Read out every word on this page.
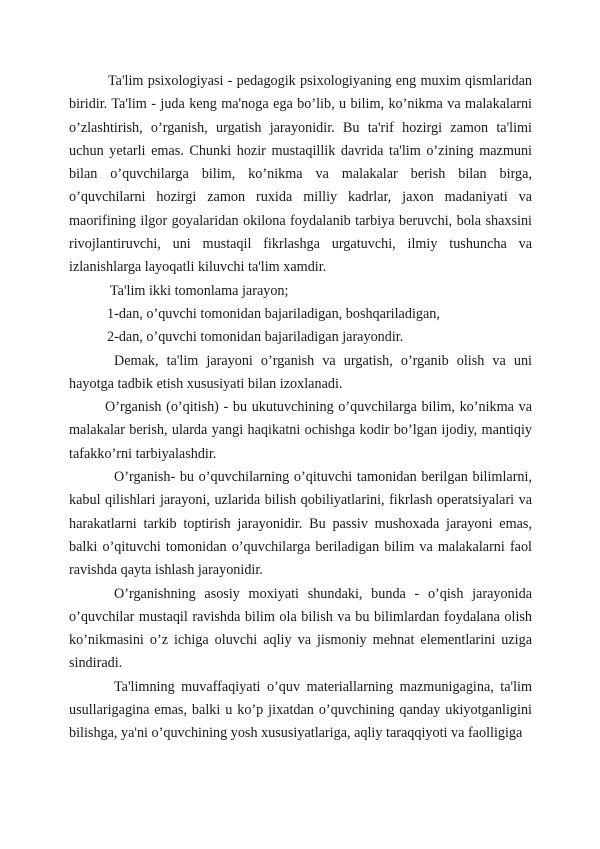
Ta'lim psixologiyasi - pedagogik psixologiyaning eng muxim qismlaridan biridir. Ta'lim - juda keng ma'noga ega bo’lib, u bilim, ko’nikma va malakalarni o’zlashtirish, o’rganish, urgatish jarayonidir. Bu ta'rif hozirgi zamon ta'limi uchun yetarli emas. Chunki hozir mustaqillik davrida ta'lim o’zining mazmuni bilan o’quvchilarga bilim, ko’nikma va malakalar berish bilan birga, o’quvchilarni hozirgi zamon ruxida milliy kadrlar, jaxon madaniyati va maorifining ilgor goyalaridan okilona foydalanib tarbiya beruvchi, bola shaxsini rivojlantiruvchi, uni mustaqil fikrlashga urgatuvchi, ilmiy tushuncha va izlanishlarga layoqatli kiluvchi ta'lim xamdir.

Ta'lim ikki tomonlama jarayon;

1-dan, o’quvchi tomonidan bajariladigan, boshqariladigan,

2-dan, o’quvchi tomonidan bajariladigan jarayondir.

Demak, ta'lim jarayoni o’rganish va urgatish, o’rganib olish va uni hayotga tadbik etish xususiyati bilan izoxlanadi.

O’rganish (o’qitish) - bu ukutuvchining o’quvchilarga bilim, ko’nikma va malakalar berish, ularda yangi haqikatni ochishga kodir bo’lgan ijodiy, mantiqiy tafakko’rni tarbiyalashdir.

O’rganish- bu o’quvchilarning o’qituvchi tamonidan berilgan bilimlarni, kabul qilishlari jarayoni, uzlarida bilish qobiliyatlarini, fikrlash operatsiyalari va harakatlarni tarkib toptirish jarayonidir. Bu passiv mushoxada jarayoni emas, balki o’qituvchi tomonidan o’quvchilarga beriladigan bilim va malakalarni faol ravishda qayta ishlash jarayonidir.

O’rganishning asosiy moxiyati shundaki, bunda - o’qish jarayonida o’quvchilar mustaqil ravishda bilim ola bilish va bu bilimlardan foydalana olish ko’nikmasini o’z ichiga oluvchi aqliy va jismoniy mehnat elementlarini uziga sindiradi.

Ta'limning muvaffaqiyati o’quv materiallarning mazmunigagina, ta'lim usullarigagina emas, balki u ko’p jixatdan o’quvchining qanday ukiyotganligini bilishga, ya'ni o’quvchining yosh xususiyatlariga, aqliy taraqqiyoti va faolligiga
